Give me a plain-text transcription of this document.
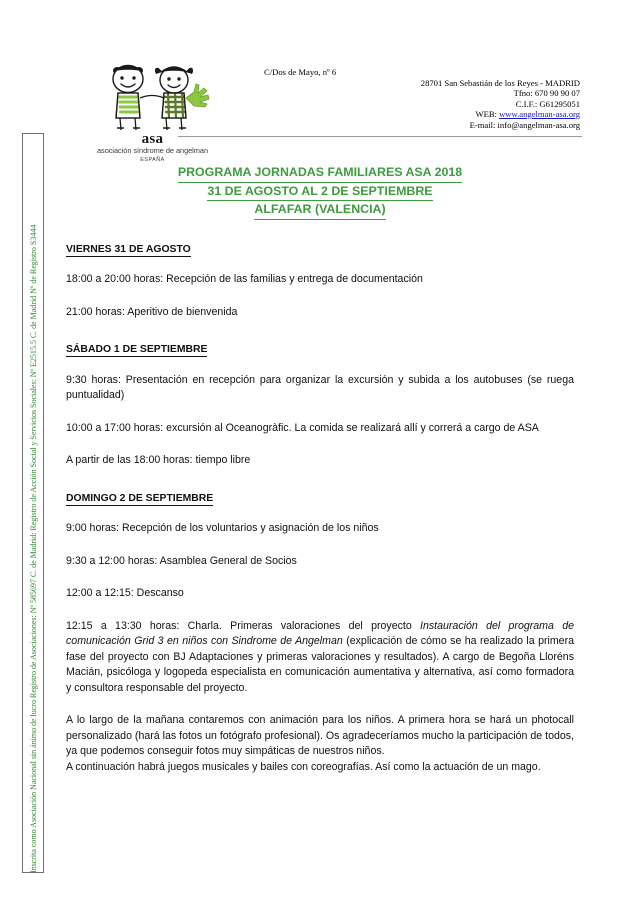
Inscrita como Asociación Nacional sin ánimo de lucro Registro de Asociaciones: Nº 585697 C. de Madrid: Registro de Acción Social y Servicios Sociales: Nº E2515.5 C. de Madrid Nº de Registro S3444
asa
asociación síndrome de angelman
ESPAÑA
C/Dos de Mayo, nº 6
28701 San Sebastián de los Reyes - MADRID
Tfno: 670 90 90 07
C.I.F.: G61295051
WEB: www.angelman-asa.org
E-mail: info@angelman-asa.org
PROGRAMA JORNADAS FAMILIARES ASA 2018
31 DE AGOSTO AL 2 DE SEPTIEMBRE
ALFAFAR (VALENCIA)
VIERNES 31 DE AGOSTO

18:00 a 20:00 horas: Recepción de las familias y entrega de documentación

21:00 horas: Aperitivo de bienvenida

SÁBADO 1 DE SEPTIEMBRE

9:30 horas: Presentación en recepción para organizar la excursión y subida a los autobuses (se ruega puntualidad)

10:00 a 17:00 horas: excursión al Oceanogràfic. La comida se realizará allí y correrá a cargo de ASA

A partir de las 18:00 horas: tiempo libre

DOMINGO 2 DE SEPTIEMBRE

9:00 horas: Recepción de los voluntarios y asignación de los niños

9:30 a 12:00 horas: Asamblea General de Socios

12:00 a 12:15: Descanso

12:15 a 13:30 horas: Charla. Primeras valoraciones del proyecto Instauración del programa de comunicación Grid 3 en niños con Sindrome de Angelman (explicación de cómo se ha realizado la primera fase del proyecto con BJ Adaptaciones y primeras valoraciones y resultados). A cargo de Begoña Lloréns Macián, psicóloga y logopeda especialista en comunicación aumentativa y alternativa, así como formadora y consultora responsable del proyecto.

A lo largo de la mañana contaremos con animación para los niños. A primera hora se hará un photocall personalizado (hará las fotos un fotógrafo profesional). Os agradeceríamos mucho la participación de todos, ya que podemos conseguir fotos muy simpáticas de nuestros niños.

A continuación habrá juegos musicales y bailes con coreografías. Así como la actuación de un mago.
